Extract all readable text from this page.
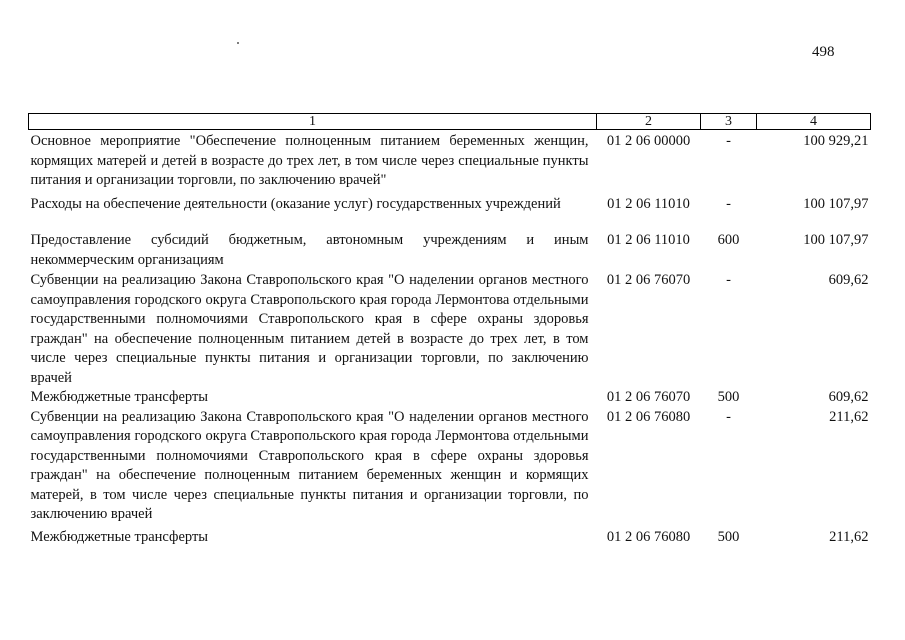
498
1	2	3	4
Основное мероприятие "Обеспечение полноценным питанием беременных женщин, кормящих матерей и детей в возрасте до трех лет, в том числе через специальные пункты питания и организации торговли, по заключению врачей"	01 2 06 00000	-	100 929,21
Расходы на обеспечение деятельности (оказание услуг) государственных учреждений	01 2 06 11010	-	100 107,97
Предоставление субсидий бюджетным, автономным учреждениям и иным некоммерческим организациям	01 2 06 11010	600	100 107,97
Субвенции на реализацию Закона Ставропольского края "О наделении органов местного самоуправления городского округа Ставропольского края города Лермонтова отдельными государственными полномочиями Ставропольского края в сфере охраны здоровья граждан" на обеспечение полноценным питанием детей в возрасте до трех лет, в том числе через специальные пункты питания и организации торговли, по заключению врачей	01 2 06 76070	-	609,62
Межбюджетные трансферты	01 2 06 76070	500	609,62
Субвенции на реализацию Закона Ставропольского края "О наделении органов местного самоуправления городского округа Ставропольского края города Лермонтова отдельными государственными полномочиями Ставропольского края в сфере охраны здоровья граждан" на обеспечение полноценным питанием беременных женщин и кормящих матерей, в том числе через специальные пункты питания и организации торговли, по заключению врачей	01 2 06 76080	-	211,62
Межбюджетные трансферты	01 2 06 76080	500	211,62
